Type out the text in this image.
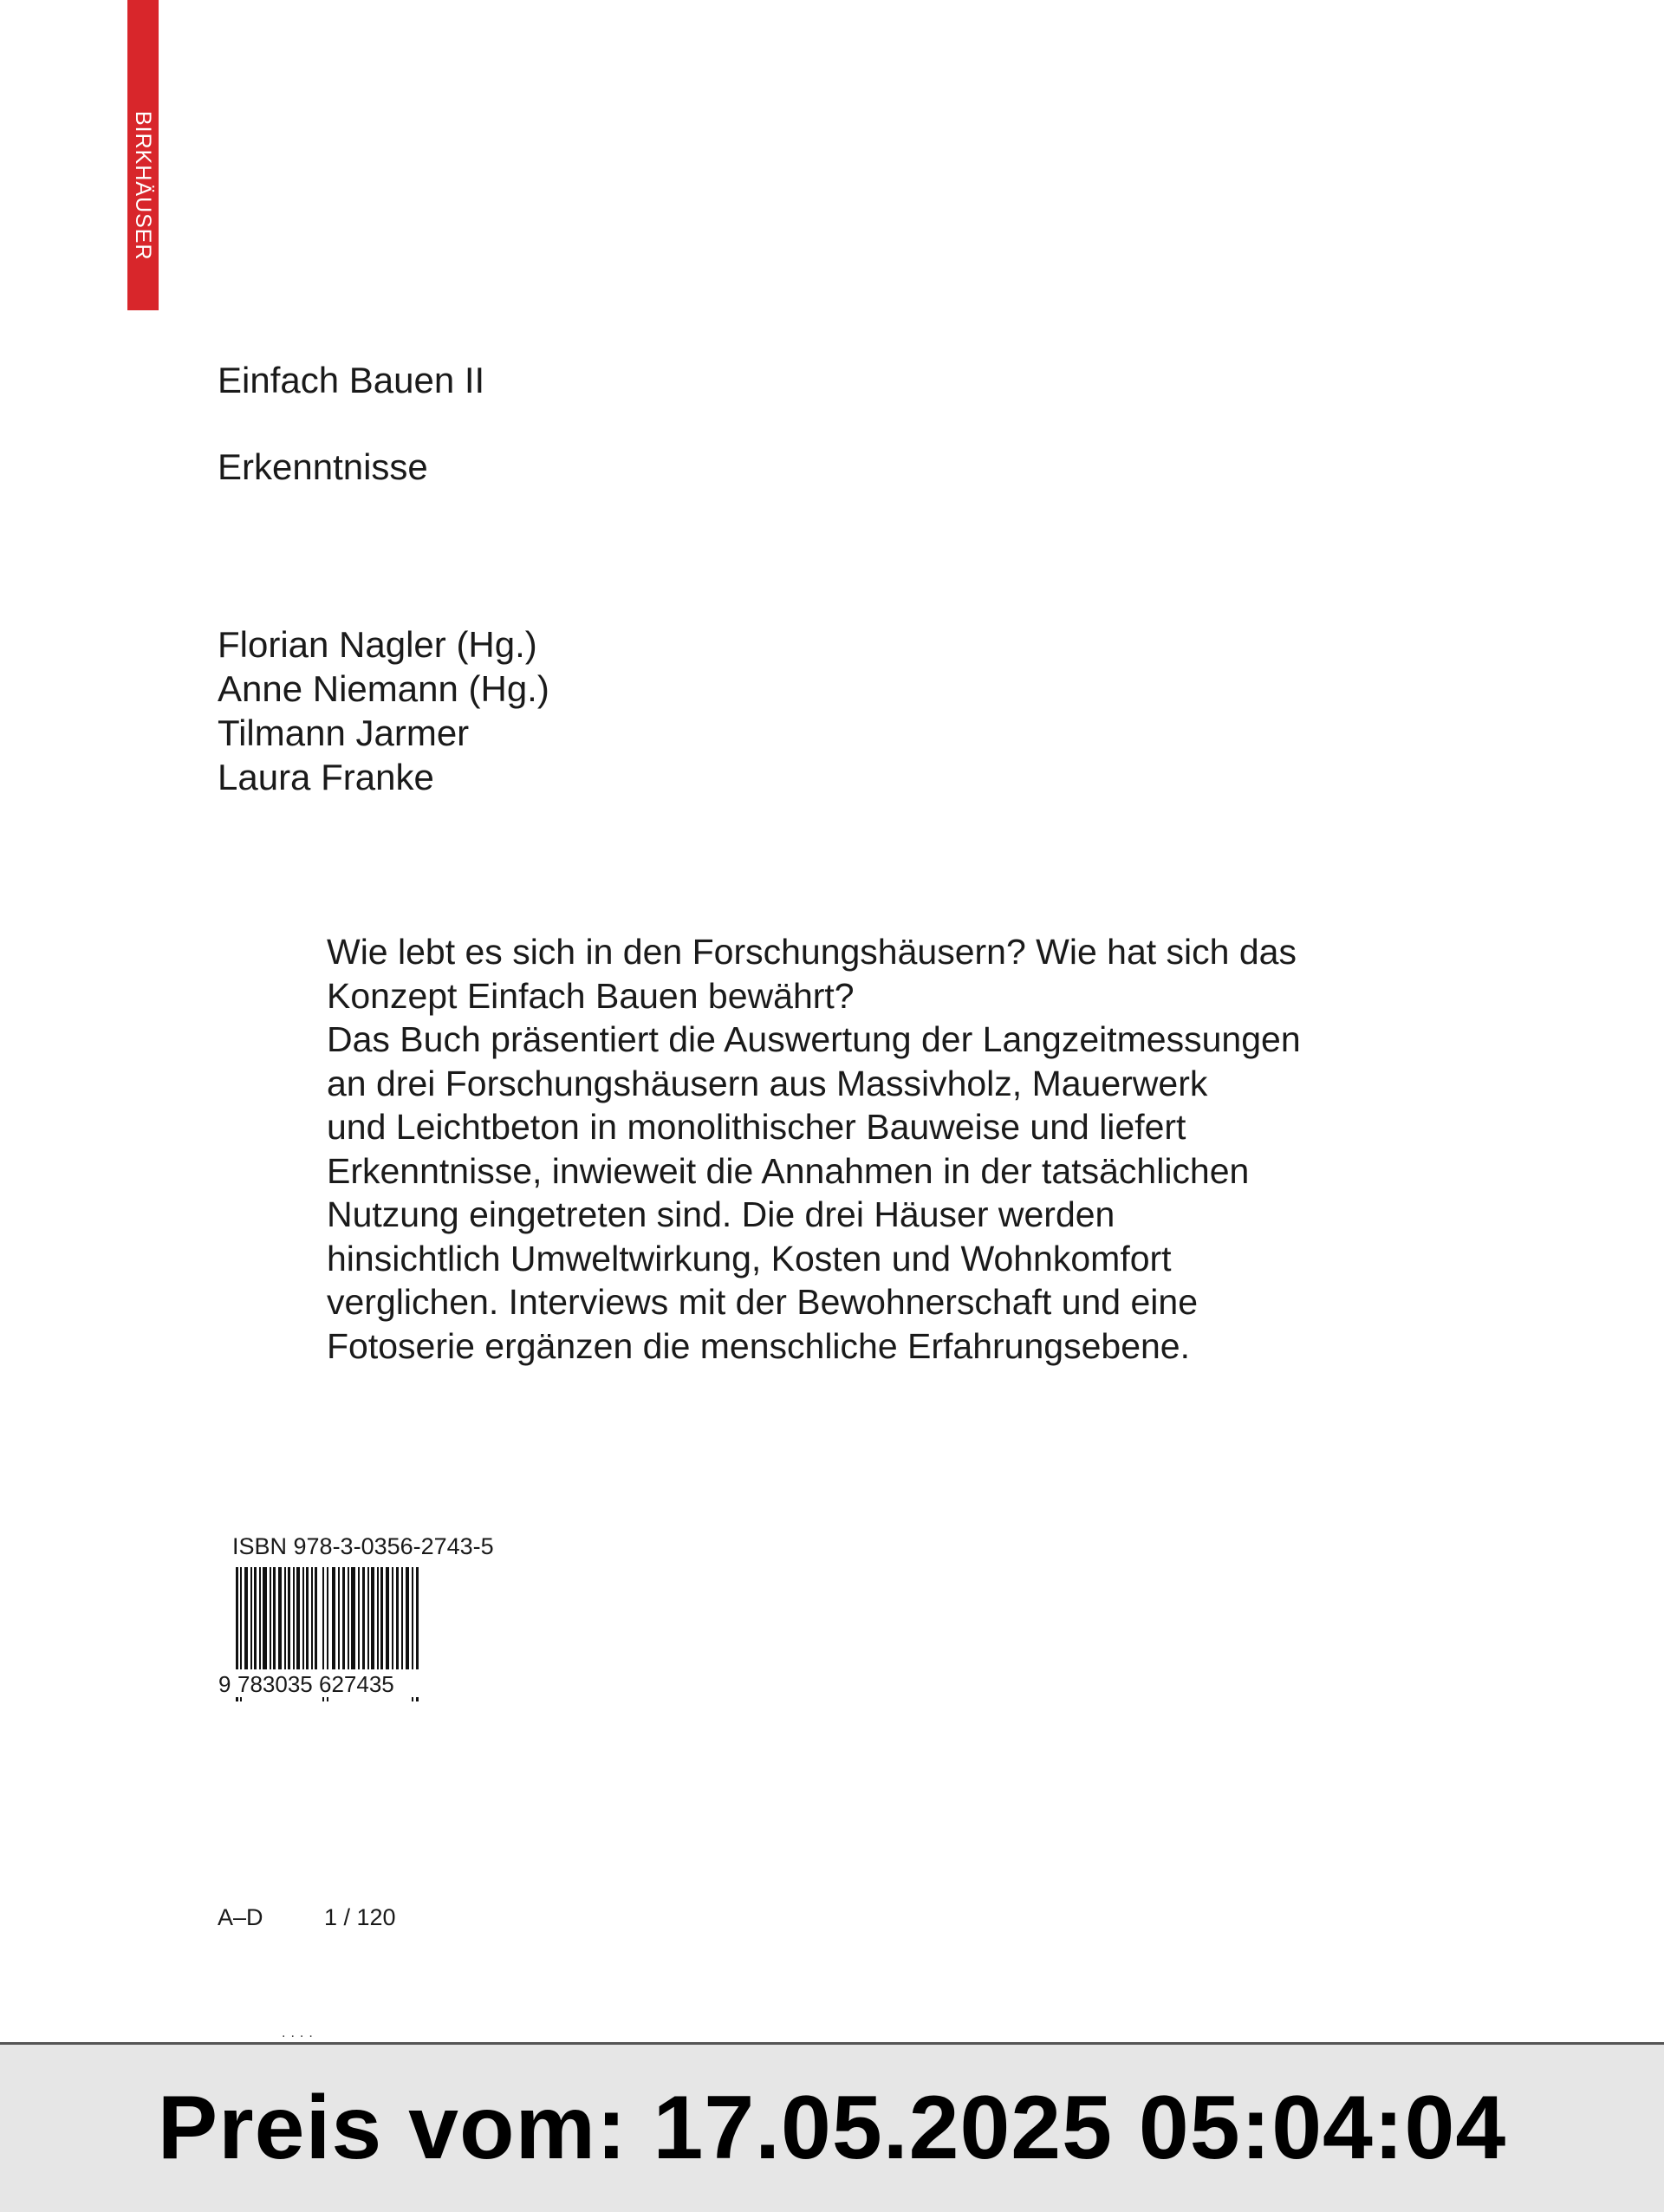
BIRKHÄUSER
Einfach Bauen II
Erkenntnisse
Florian Nagler (Hg.)
Anne Niemann (Hg.)
Tilmann Jarmer
Laura Franke
Wie lebt es sich in den Forschungshäusern? Wie hat sich das
Konzept Einfach Bauen bewährt?
Das Buch präsentiert die Auswertung der Langzeitmessungen
an drei Forschungshäusern aus Massivholz, Mauerwerk
und Leichtbeton in monolithischer Bauweise und liefert
Erkenntnisse, inwieweit die Annahmen in der tatsächlichen
Nutzung eingetreten sind. Die drei Häuser werden
hinsichtlich Umweltwirkung, Kosten und Wohnkomfort
verglichen. Interviews mit der Bewohnerschaft und eine
Fotoserie ergänzen die menschliche Erfahrungsebene.
ISBN 978-3-0356-2743-5
9 783035 627435
A–D	1 / 120
....
Preis vom: 17.05.2025 05:04:04
